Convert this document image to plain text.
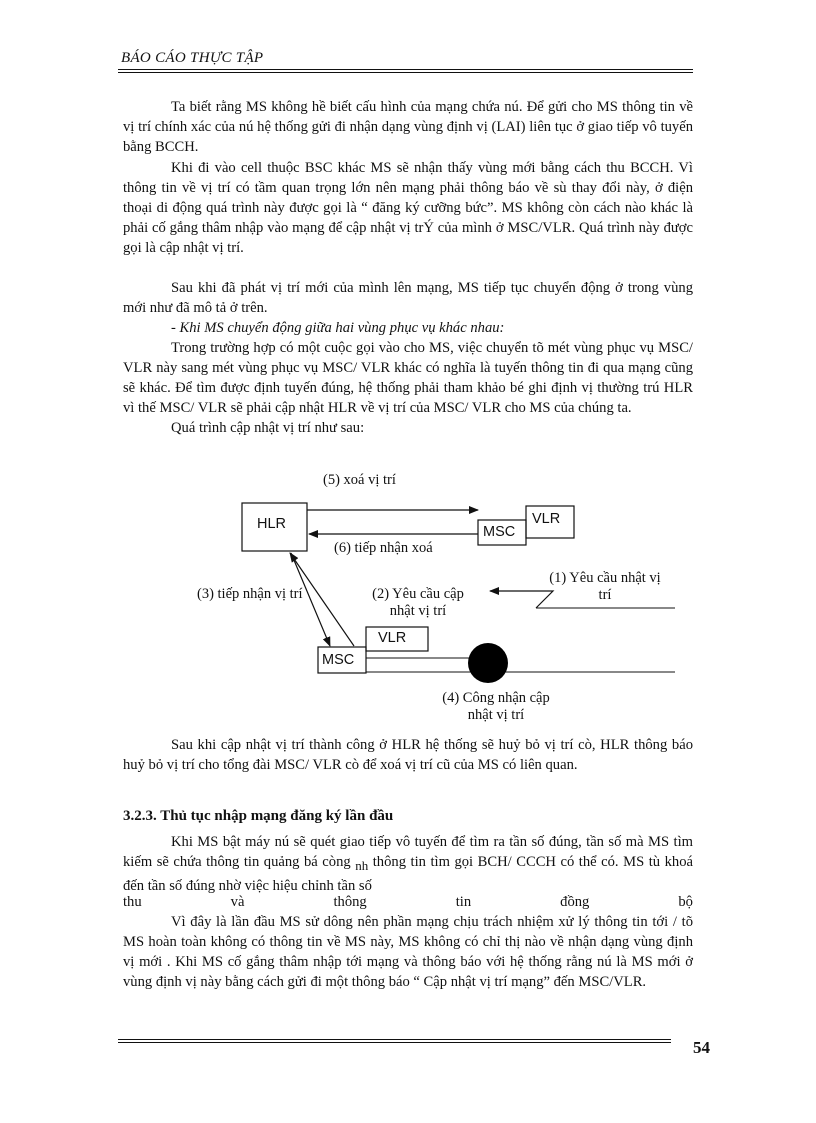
BÁO CÁO THỰC TẬP

Ta biết rằng MS không hề biết cấu hình của mạng chứa nú. Để gửi cho MS thông tin về vị trí chính xác của nú hệ thống gửi đi nhận dạng vùng định vị (LAI) liên tục ở giao tiếp vô tuyến bằng BCCH.

Khi đi vào cell thuộc BSC khác MS sẽ nhận thấy vùng mới bằng cách thu BCCH. Vì thông tin về vị trí có tầm quan trọng lớn nên mạng phải thông báo về sù thay đổi này, ở điện thoại di động quá trình này được gọi là “ đăng ký cưỡng bức”. MS không còn cách nào khác là phải cố gắng thâm nhập vào mạng để cập nhật vị trÝ của mình ở MSC/VLR. Quá trình này được gọi là cập nhật vị trí.

Sau khi đã phát vị trí mới của mình lên mạng, MS tiếp tục chuyển động ở trong vùng mới như đã mô tả ở trên.

- Khi MS chuyển động giữa hai vùng phục vụ khác nhau:

Trong trường hợp có một cuộc gọi vào cho MS, việc chuyển tõ mét vùng phục vụ MSC/ VLR này sang mét vùng phục vụ MSC/ VLR khác có nghĩa là tuyến thông tin đi qua mạng cũng sẽ khác. Để tìm được định tuyến đúng, hệ thống phải tham khảo bé ghi định vị thường trú HLR vì thế MSC/ VLR sẽ phải cập nhật HLR về vị trí của MSC/ VLR cho MS của chúng ta.

Quá trình cập nhật vị trí như sau:

HLR	VLR
MSC
VLR
MSC
(5) xoá vị trí
(6) tiếp nhận xoá
(3) tiếp nhận vị trí	(2) Yêu cầu cập
nhật vị trí
(1) Yêu cầu nhật vị
trí
(4) Công nhận cập
nhật vị trí

Sau khi cập nhật vị trí thành công ở HLR hệ thống sẽ huỷ bỏ vị trí cò, HLR thông báo huỷ bỏ vị trí cho tổng đài MSC/ VLR cò để xoá vị trí cũ của MS có liên quan.

3.2.3. Thủ tục nhập mạng đăng ký lần đầu

Khi MS bật máy nú sẽ quét giao tiếp vô tuyến để tìm ra tần số đúng, tần số mà MS tìm kiếm sẽ chứa thông tin quảng bá còng $_{nh}$ thông tin tìm gọi BCH/ CCCH có thể có. MS tù khoá đến tần số đúng nhờ việc hiệu chỉnh tần số

thu	và	thông	tin	đồng	bộ

Vì đây là lần đầu MS sử dông nên phần mạng chịu trách nhiệm xử lý thông tin tới / tõ MS hoàn toàn không có thông tin về MS này, MS không có chỉ thị nào về nhận dạng vùng định vị mới . Khi MS cố gắng thâm nhập tới mạng và thông báo với hệ thống rằng nú là MS mới ở vùng định vị này bằng cách gửi đi một thông báo “ Cập nhật vị trí mạng” đến MSC/VLR.

54
